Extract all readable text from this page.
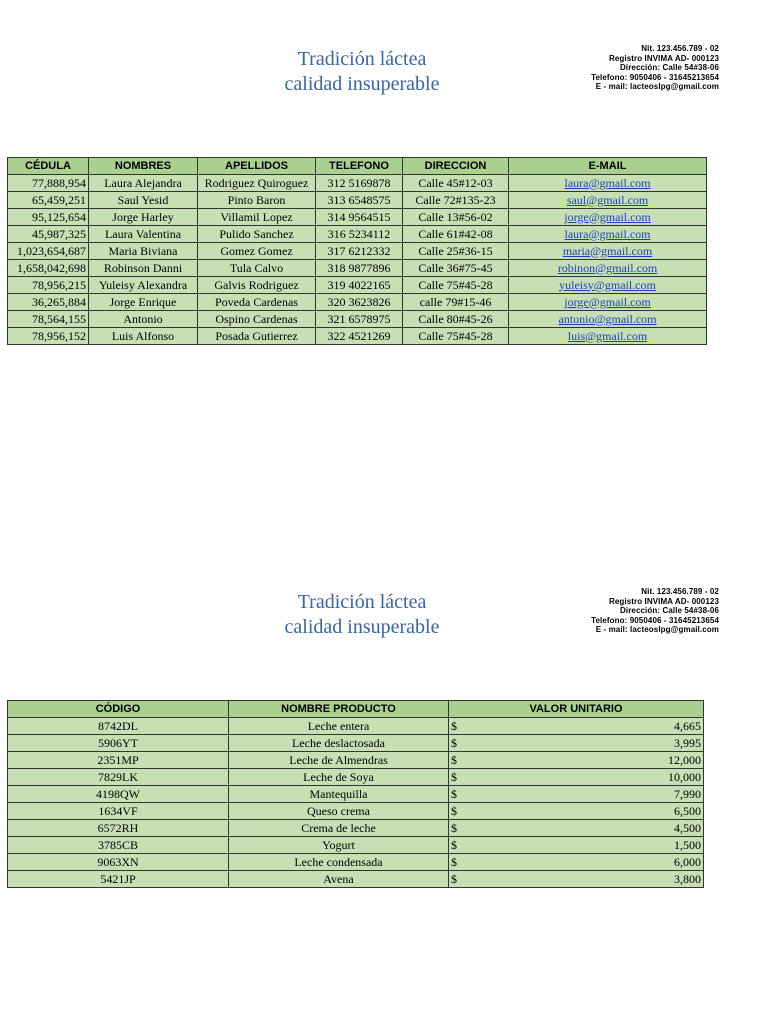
Tradición láctea
calidad insuperable
Nit. 123.456.789 - 02
Registro INVIMA AD- 000123
Dirección: Calle 54#38-06
Telefono: 9050406 - 31645213654
E - mail: lacteoslpg@gmail.com
CÉDULA	NOMBRES	APELLIDOS	TELEFONO	DIRECCION	E-MAIL
77,888,954	Laura Alejandra	Rodriguez Quiroguez	312 5169878	Calle 45#12-03	laura@gmail.com
65,459,251	Saul Yesid	Pinto Baron	313 6548575	Calle 72#135-23	saul@gmail.com
95,125,654	Jorge Harley	Villamil Lopez	314 9564515	Calle 13#56-02	jorge@gmail.com
45,987,325	Laura Valentina	Pulido Sanchez	316 5234112	Calle 61#42-08	laura@gmail.com
1,023,654,687	Maria Biviana	Gomez Gomez	317 6212332	Calle 25#36-15	maria@gmail.com
1,658,042,698	Robinson Danni	Tula Calvo	318 9877896	Calle 36#75-45	robinon@gmail.com
78,956,215	Yuleisy Alexandra	Galvis Rodriguez	319 4022165	Calle 75#45-28	yuleisy@gmail.com
36,265,884	Jorge Enrique	Poveda Cardenas	320 3623826	calle 79#15-46	jorge@gmail.com
78,564,155	Antonio	Ospino Cardenas	321 6578975	Calle 80#45-26	antonio@gmail.com
78,956,152	Luis Alfonso	Posada Gutierrez	322 4521269	Calle 75#45-28	luis@gmail.com
Tradición láctea
calidad insuperable
Nit. 123.456.789 - 02
Registro INVIMA AD- 000123
Dirección: Calle 54#38-06
Telefono: 9050406 - 31645213654
E - mail: lacteoslpg@gmail.com
CÓDIGO	NOMBRE PRODUCTO	VALOR UNITARIO
8742DL	Leche entera	$ 4,665

5906YT	Leche deslactosada	$ 3,995

2351MP	Leche de Almendras	$ 12,000

7829LK	Leche de Soya	$ 10,000

4198QW	Mantequilla	$ 7,990

1634VF	Queso crema	$ 6,500

6572RH	Crema de leche	$ 4,500

3785CB	Yogurt	$ 1,500

9063XN	Leche condensada	$ 6,000

5421JP	Avena	$ 3,800
